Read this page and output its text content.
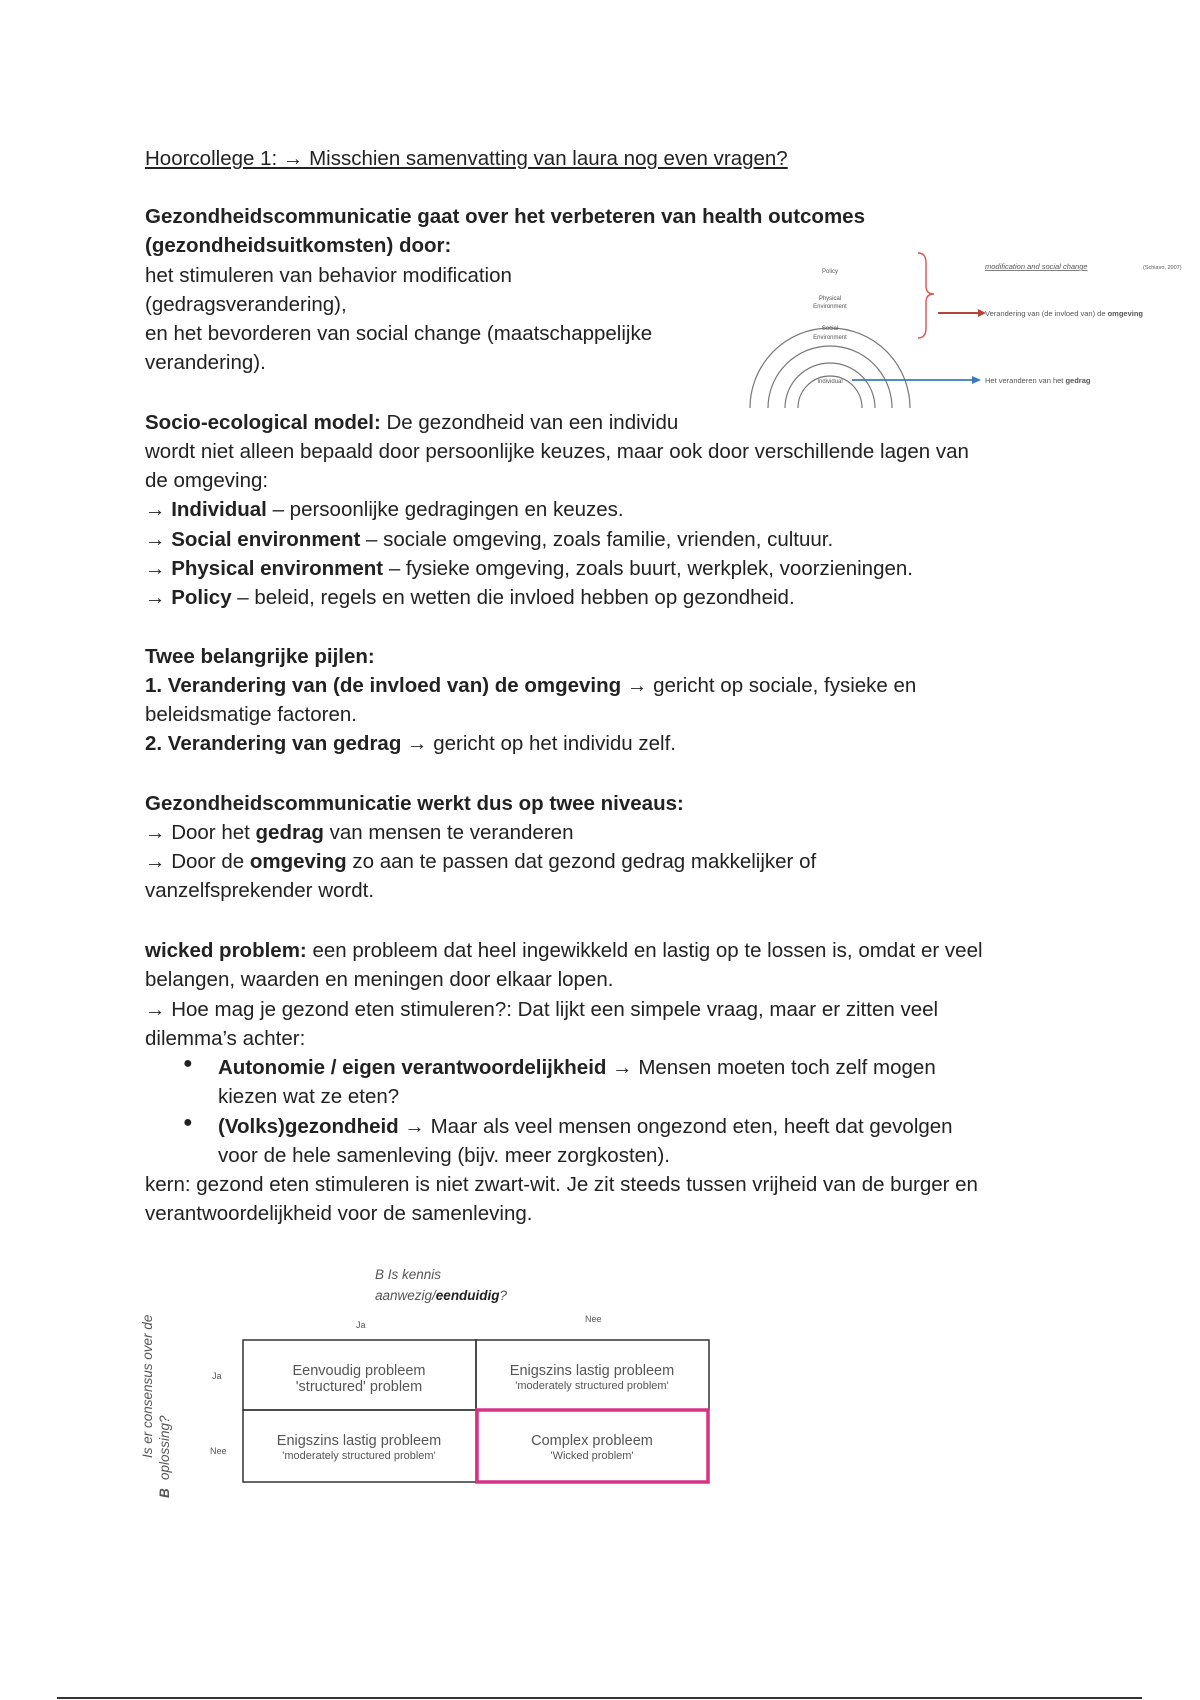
Hoorcollege 1: → Misschien samenvatting van laura nog even vragen?
Gezondheidscommunicatie gaat over het verbeteren van health outcomes
(gezondheidsuitkomsten) door:
het stimuleren van behavior modification
(gedragsverandering),
en het bevorderen van social change (maatschappelijke
verandering).
Policy
Physical
Environment
Social
Environment
Individual
modification and social change	(Schiavo, 2007)
Verandering van (de invloed van) de omgeving
Het veranderen van het gedrag
Socio-ecological model: De gezondheid van een individu
wordt niet alleen bepaald door persoonlijke keuzes, maar ook door verschillende lagen van
de omgeving:
→ Individual – persoonlijke gedragingen en keuzes.
→ Social environment – sociale omgeving, zoals familie, vrienden, cultuur.
→ Physical environment – fysieke omgeving, zoals buurt, werkplek, voorzieningen.
→ Policy – beleid, regels en wetten die invloed hebben op gezondheid.
Twee belangrijke pijlen:
1. Verandering van (de invloed van) de omgeving → gericht op sociale, fysieke en
beleidsmatige factoren.
2. Verandering van gedrag → gericht op het individu zelf.
Gezondheidscommunicatie werkt dus op twee niveaus:
→ Door het gedrag van mensen te veranderen
→ Door de omgeving zo aan te passen dat gezond gedrag makkelijker of
vanzelfsprekender wordt.
wicked problem: een probleem dat heel ingewikkeld en lastig op te lossen is, omdat er veel
belangen, waarden en meningen door elkaar lopen.
→ Hoe mag je gezond eten stimuleren?: Dat lijkt een simpele vraag, maar er zitten veel
dilemma’s achter:
● Autonomie / eigen verantwoordelijkheid → Mensen moeten toch zelf mogen
kiezen wat ze eten?
● (Volks)gezondheid → Maar als veel mensen ongezond eten, heeft dat gevolgen
voor de hele samenleving (bijv. meer zorgkosten).
kern: gezond eten stimuleren is niet zwart-wit. Je zit steeds tussen vrijheid van de burger en
verantwoordelijkheid voor de samenleving.
B Is kennis
aanwezig/eenduidig?
Ja
Nee
Ja
Nee
B
oplossing?
Is er consensus over de	Eenvoudig probleem
'structured' problem
Enigszins lastig probleem
'moderately structured problem'
Enigszins lastig probleem
'moderately structured problem'
Complex probleem
'Wicked problem'
